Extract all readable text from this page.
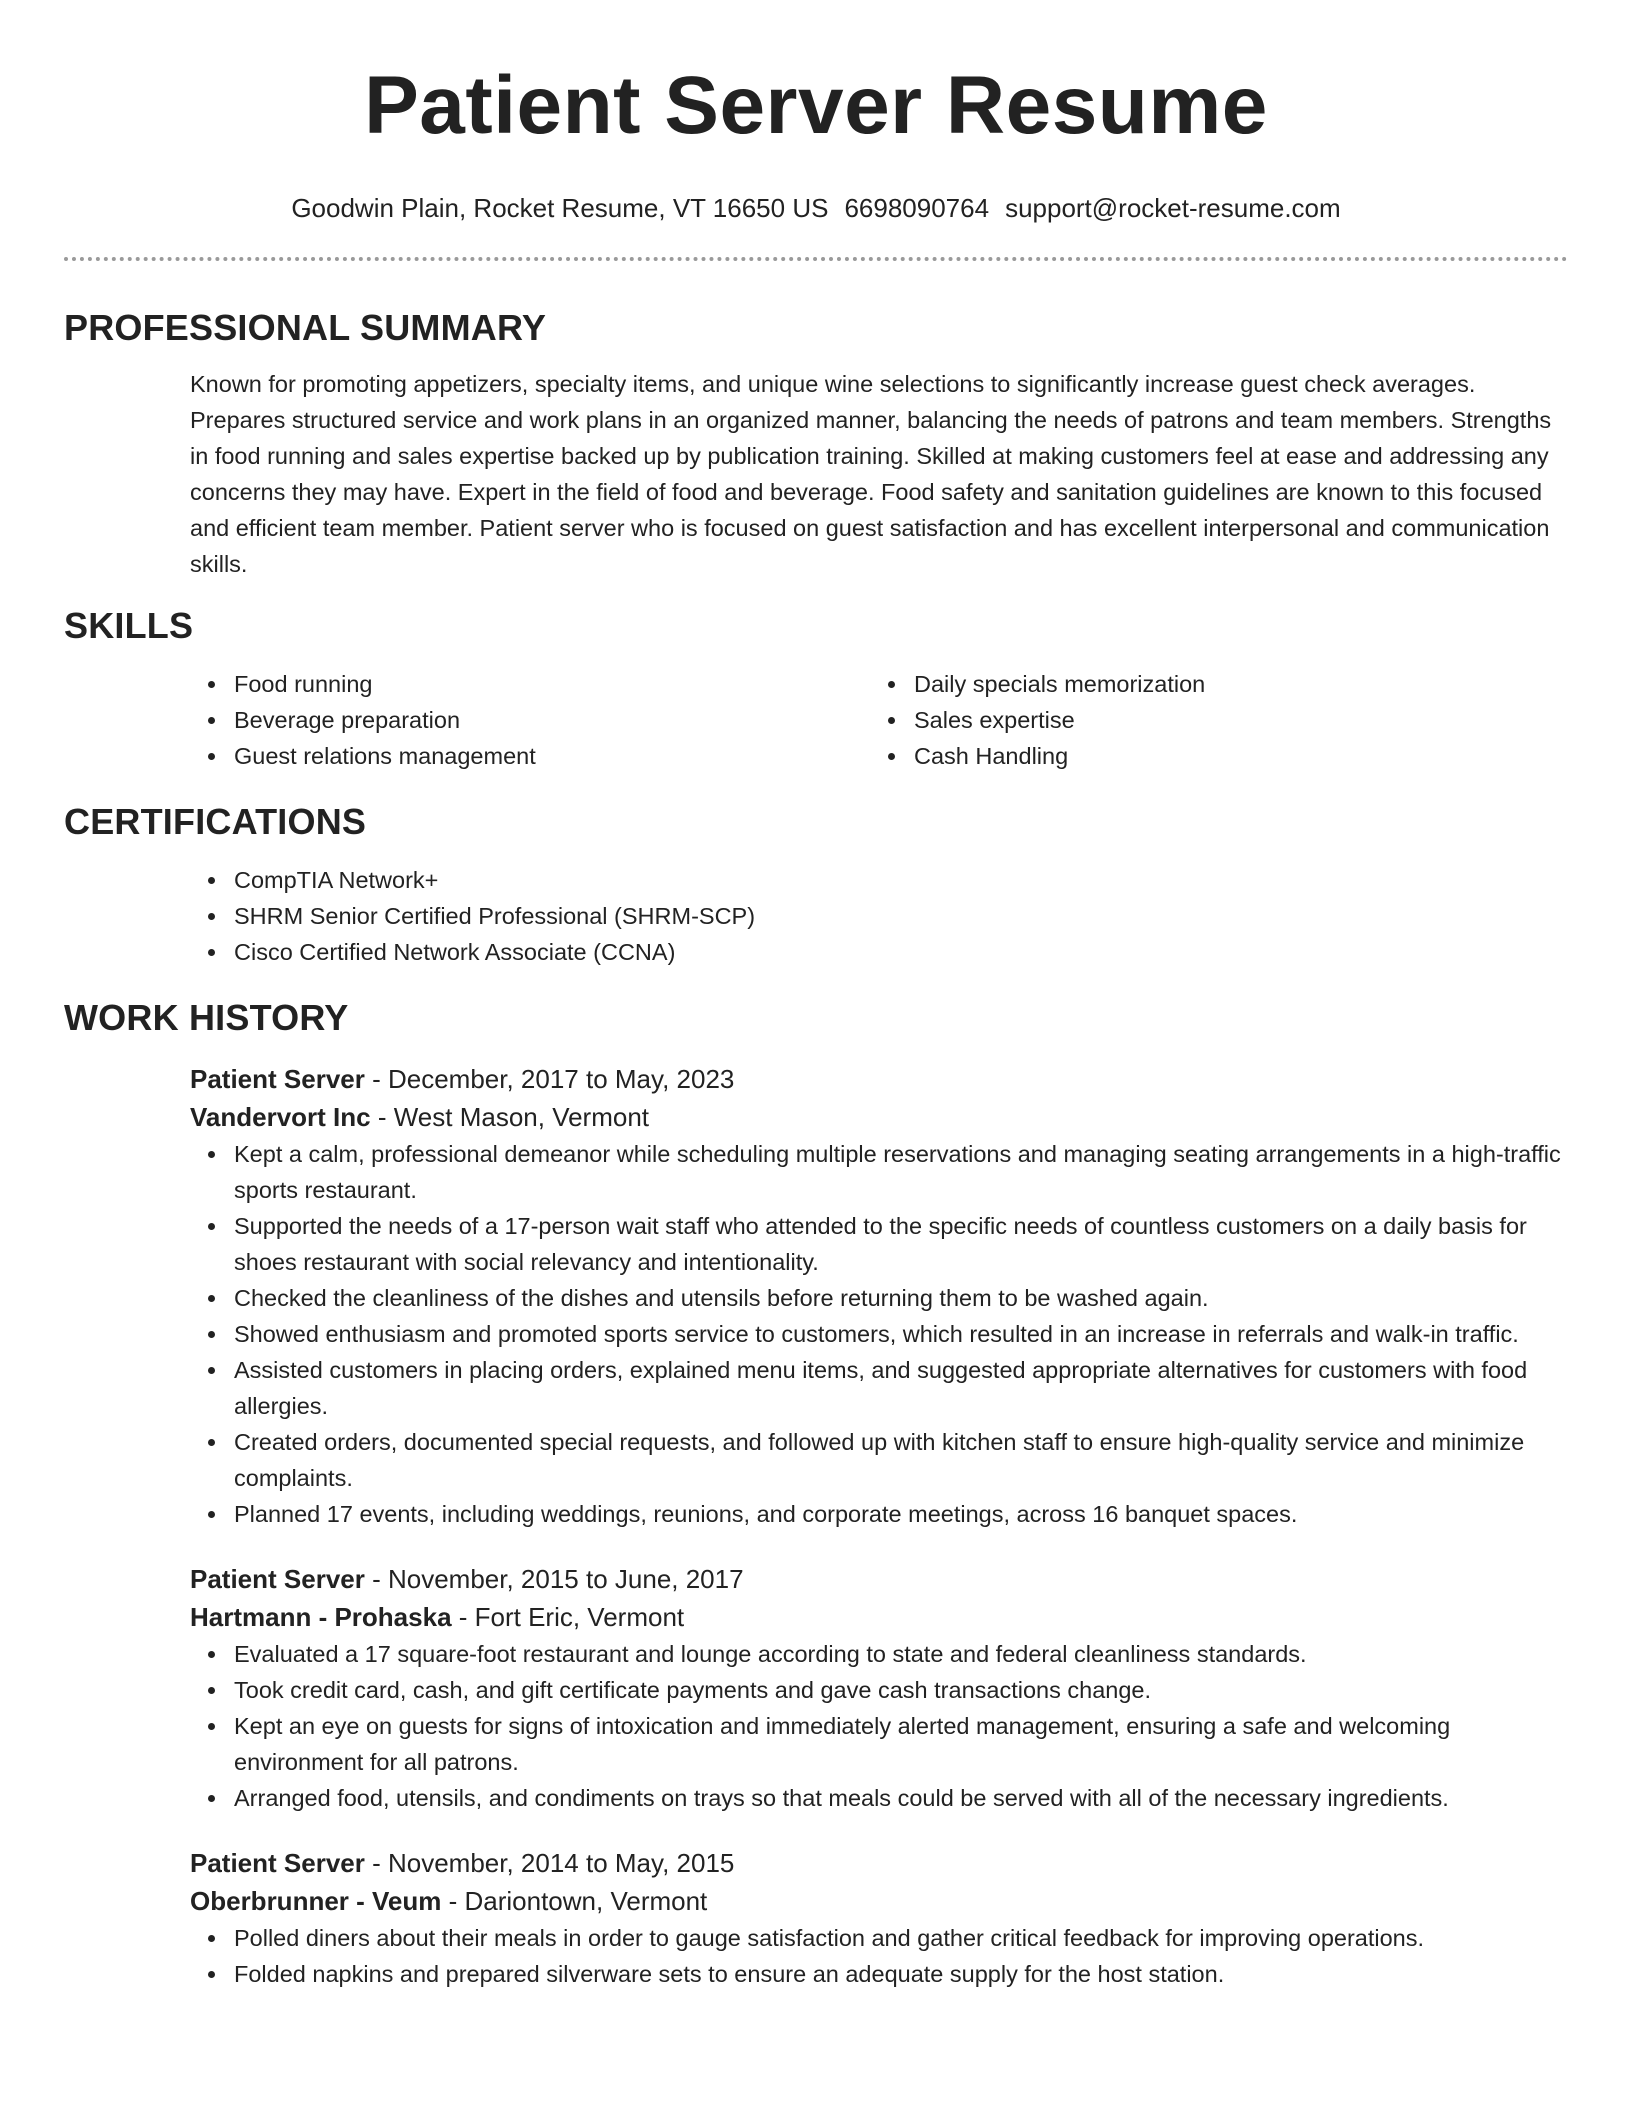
Patient Server Resume
Goodwin Plain, Rocket Resume, VT 16650 US 6698090764 support@rocket-resume.com
PROFESSIONAL SUMMARY
Known for promoting appetizers, specialty items, and unique wine selections to significantly increase guest check averages. Prepares structured service and work plans in an organized manner, balancing the needs of patrons and team members. Strengths in food running and sales expertise backed up by publication training. Skilled at making customers feel at ease and addressing any concerns they may have. Expert in the field of food and beverage. Food safety and sanitation guidelines are known to this focused and efficient team member. Patient server who is focused on guest satisfaction and has excellent interpersonal and communication skills.
SKILLS
Food running
Beverage preparation
Guest relations management
Daily specials memorization
Sales expertise
Cash Handling
CERTIFICATIONS
CompTIA Network+
SHRM Senior Certified Professional (SHRM-SCP)
Cisco Certified Network Associate (CCNA)
WORK HISTORY
Patient Server - December, 2017 to May, 2023
Vandervort Inc - West Mason, Vermont
Kept a calm, professional demeanor while scheduling multiple reservations and managing seating arrangements in a high-traffic sports restaurant.
Supported the needs of a 17-person wait staff who attended to the specific needs of countless customers on a daily basis for shoes restaurant with social relevancy and intentionality.
Checked the cleanliness of the dishes and utensils before returning them to be washed again.
Showed enthusiasm and promoted sports service to customers, which resulted in an increase in referrals and walk-in traffic.
Assisted customers in placing orders, explained menu items, and suggested appropriate alternatives for customers with food allergies.
Created orders, documented special requests, and followed up with kitchen staff to ensure high-quality service and minimize complaints.
Planned 17 events, including weddings, reunions, and corporate meetings, across 16 banquet spaces.
Patient Server - November, 2015 to June, 2017
Hartmann - Prohaska - Fort Eric, Vermont
Evaluated a 17 square-foot restaurant and lounge according to state and federal cleanliness standards.
Took credit card, cash, and gift certificate payments and gave cash transactions change.
Kept an eye on guests for signs of intoxication and immediately alerted management, ensuring a safe and welcoming environment for all patrons.
Arranged food, utensils, and condiments on trays so that meals could be served with all of the necessary ingredients.
Patient Server - November, 2014 to May, 2015
Oberbrunner - Veum - Dariontown, Vermont
Polled diners about their meals in order to gauge satisfaction and gather critical feedback for improving operations.
Folded napkins and prepared silverware sets to ensure an adequate supply for the host station.
